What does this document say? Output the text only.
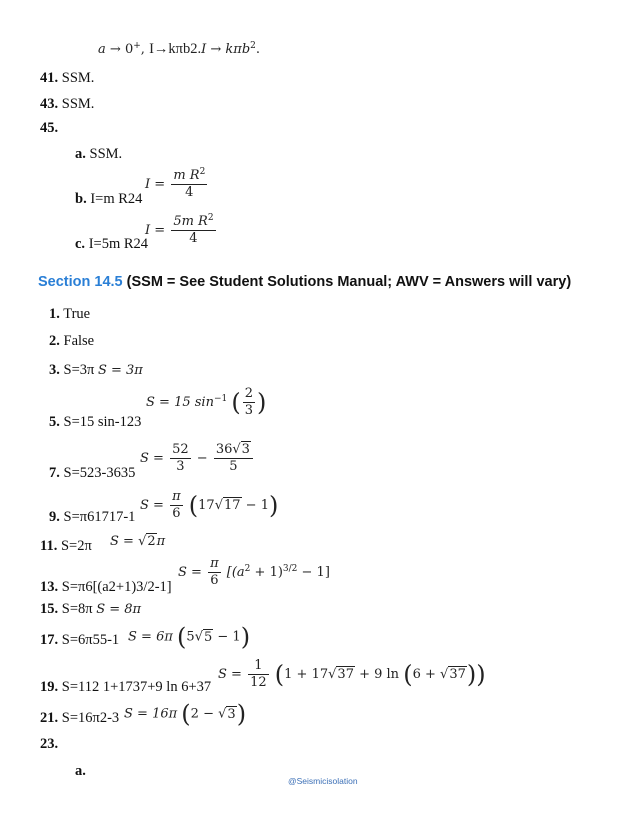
a → 0+, I→kπb2.I → kπb$^2$.
41. SSM.
43. SSM.
45.
a. SSM.
b. I=m R24
$I = \frac{m R^2}{4}$
c. I=5m R24
$I = \frac{5m R^2}{4}$
Section 14.5 (SSM = See Student Solutions Manual; AWV = Answers will vary)
1. True
2. False
3. S=3π S = 3π
5. S=15 sin-123
S = 15 $\sin^{-1}$ ( $\frac{2}{3}$ )
7. S=523-3635
$S = \frac{52}{3} - \frac{36√3}{5}$
9. S=π61717-1
$S = \frac{\pi}{6} (17√17 - 1)$
11. S=2π S = √2π
13. S=π6[(a2+1)3/2-1]
$S = \frac{\pi}{6} [(a^2 + 1)^{3/2} - 1]$
15. S=8π S = 8π
17. S=6π55-1 S = 6π (5√5 − 1)
19. S=112 1+1737+9 ln 6+37
$S = \frac{1}{12} (1 + 17√37 + 9$ ln (6 + √37))
21. S=16π2-3 S = 16π (2 − √3)
23.
a.
@Seismicisolation
